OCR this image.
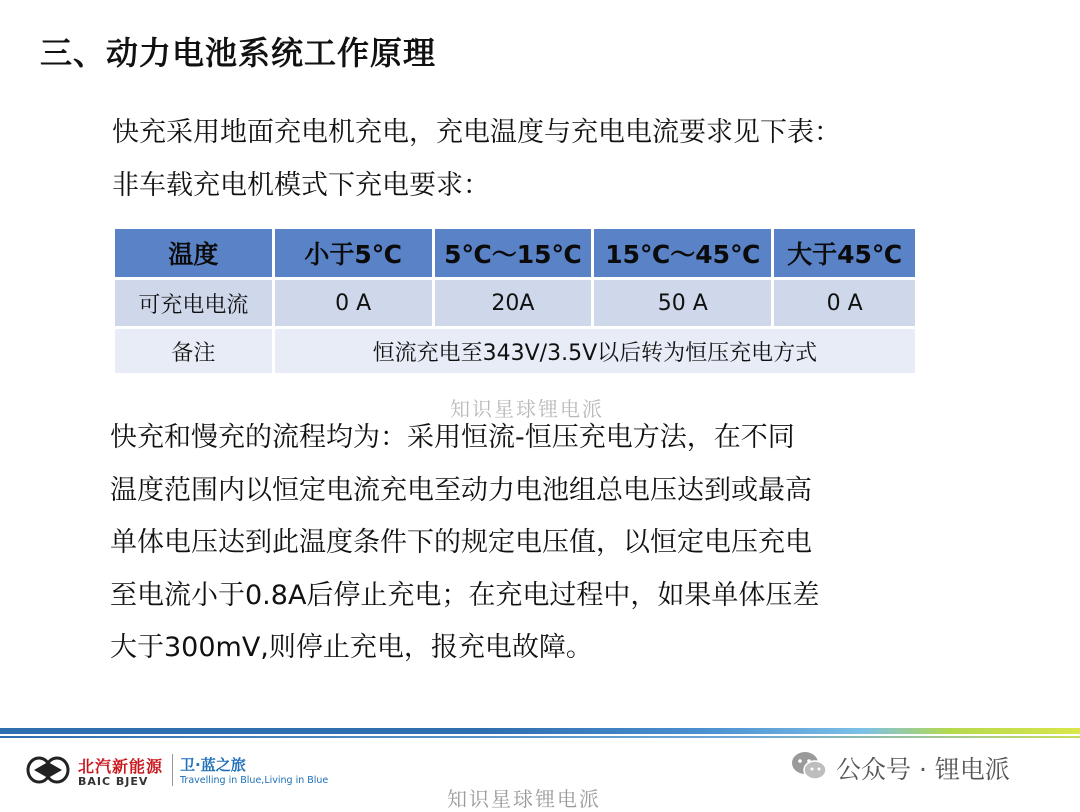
三、动力电池系统工作原理
快充采用地面充电机充电，充电温度与充电电流要求见下表：
非车载充电机模式下充电要求：
温度	小于5℃	5℃～15℃	15℃～45℃	大于45℃
可充电电流	0 A	20A	50 A	0 A
备注	恒流充电至343V/3.5V以后转为恒压充电方式			
知识星球锂电派
快充和慢充的流程均为：采用恒流-恒压充电方法，在不同
温度范围内以恒定电流充电至动力电池组总电压达到或最高
单体电压达到此温度条件下的规定电压值，以恒定电压充电
至电流小于0.8A后停止充电；在充电过程中，如果单体压差
大于300mV,则停止充电，报充电故障。
北汽新能源
BAIC BJEV
卫·蓝之旅
Travelling in Blue,Living in Blue	公众号 · 锂电派
知识星球锂电派
